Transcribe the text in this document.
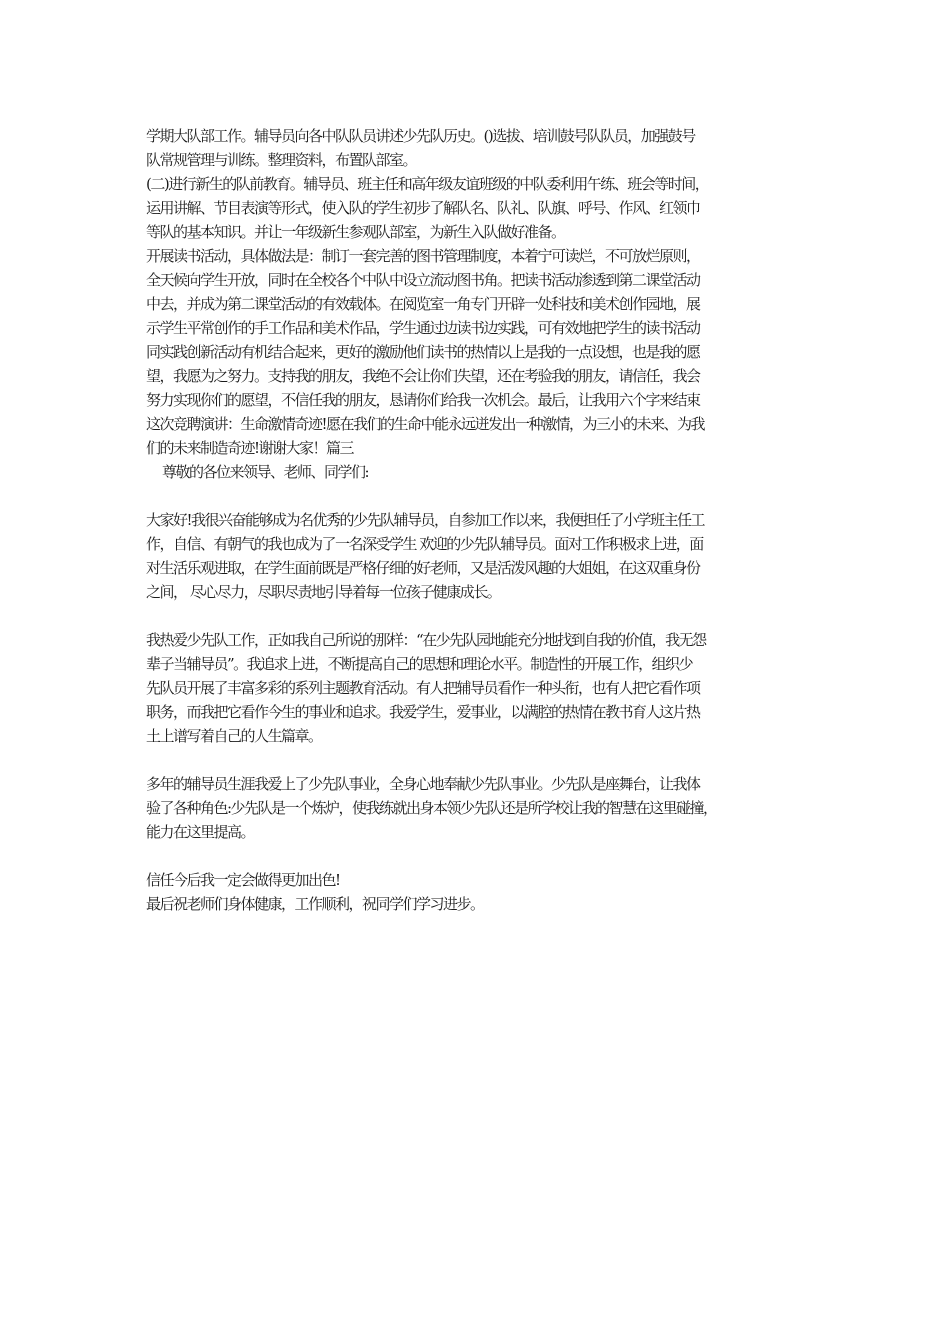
学期大队部工作。辅导员向各中队队员讲述少先队历史。()选拔、培训鼓号队队员，加强鼓号
队常规管理与训练。整理资料，布置队部室。
(二)进行新生的队前教育。辅导员、班主任和高年级友谊班级的中队委利用午练、班会等时间，
运用讲解、节目表演等形式，使入队的学生初步了解队名、队礼、队旗、呼号、作风、红领巾
等队的基本知识。并让一年级新生参观队部室，为新生入队做好准备。
开展读书活动，具体做法是：制订一套完善的图书管理制度，本着宁可读烂，不可放烂原则，
全天候向学生开放，同时在全校各个中队中设立流动图书角。把读书活动渗透到第二课堂活动
中去，并成为第二课堂活动的有效载体。在阅览室一角专门开辟一处科技和美术创作园地，展
示学生平常创作的手工作品和美术作品，学生通过边读书边实践，可有效地把学生的读书活动
同实践创新活动有机结合起来，更好的激励他们读书的热情以上是我的一点设想，也是我的愿
望，我愿为之努力。支持我的朋友，我绝不会让你们失望，还在考验我的朋友，请信任，我会
努力实现你们的愿望，不信任我的朋友，恳请你们给我一次机会。最后，让我用六个字来结束
这次竞聘演讲：生命激情奇迹!愿在我们的生命中能永远迸发出一种激情，为三小的未来、为我
们的未来制造奇迹!谢谢大家！篇三
尊敬的各位来领导、老师、同学们:
大家好!我很兴奋能够成为名优秀的少先队辅导员，自参加工作以来，我便担任了小学班主任工
作，自信、有朝气的我也成为了一名深受学生 欢迎的少先队辅导员。面对工作积极求上进，面
对生活乐观进取，在学生面前既是严格仔细的好老师，又是活泼风趣的大姐姐，在这双重身份
之间， 尽心尽力，尽职尽责地引导着每一位孩子健康成长。
我热爱少先队工作，正如我自己所说的那样：“在少先队园地能充分地找到自我的价值，我无怨
辈子当辅导员”。我追求上进，不断提高自己的思想和理论水平。制造性的开展工作，组织少
先队员开展了丰富多彩的系列主题教育活动。有人把辅导员看作一种头衔，也有人把它看作项
职务，而我把它看作今生的事业和追求。我爱学生，爱事业，以满腔的热情在教书育人这片热
土上谱写着自己的人生篇章。
多年的辅导员生涯我爱上了少先队事业，全身心地奉献少先队事业。少先队是座舞台，让我体
验了各种角色:少先队是一个炼炉，使我练就出身本领少先队还是所学校让我的智慧在这里碰撞，
能力在这里提高。
信任今后我一定会做得更加出色!
最后祝老师们身体健康，工作顺利，祝同学们学习进步。
